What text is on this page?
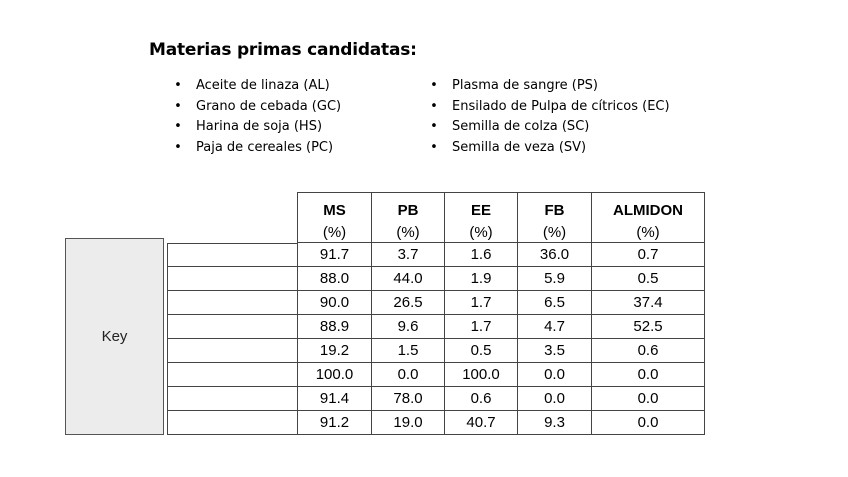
Materias primas candidatas:
• Aceite de linaza (AL)
• Grano de cebada (GC)
• Harina de soja (HS)
• Paja de cereales (PC)
• Plasma de sangre (PS)
• Ensilado de Pulpa de cítricos (EC)
• Semilla de colza (SC)
• Semilla de veza (SV)
Key
MS	PB	EE	FB	ALMIDON
(%)	(%)	(%)	(%)	(%)
91.7	3.7	1.6	36.0	0.7
88.0	44.0	1.9	5.9	0.5
90.0	26.5	1.7	6.5	37.4
88.9	9.6	1.7	4.7	52.5
19.2	1.5	0.5	3.5	0.6
100.0	0.0	100.0	0.0	0.0
91.4	78.0	0.6	0.0	0.0
91.2	19.0	40.7	9.3	0.0
